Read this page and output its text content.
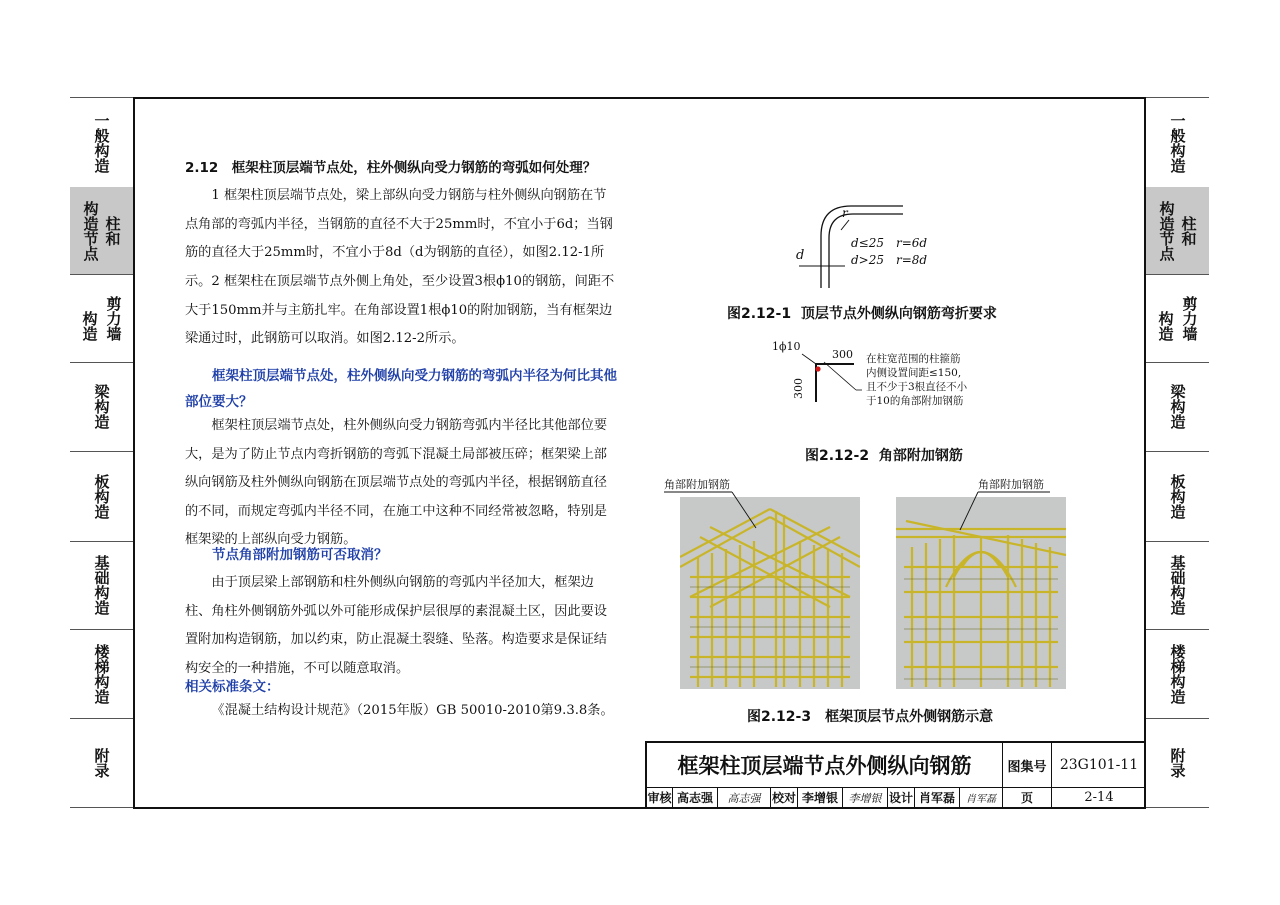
一般构造
柱和
构造节点
剪力墙
构造
梁构造
板构造
基础构造
楼梯构造
附录
一般构造
柱和
构造节点
剪力墙
构造
梁构造
板构造
基础构造
楼梯构造
附录
2.12　框架柱顶层端节点处，柱外侧纵向受力钢筋的弯弧如何处理？
1 框架柱顶层端节点处，梁上部纵向受力钢筋与柱外侧纵向钢筋在节点角部的弯弧内半径，当钢筋的直径不大于25mm时，不宜小于6d；当钢筋的直径大于25mm时，不宜小于8d（d为钢筋的直径），如图2.12-1所示。 2 框架柱在顶层端节点外侧上角处，至少设置3根ϕ10的钢筋，间距不大于150mm并与主筋扎牢。在角部设置1根ϕ10的附加钢筋，当有框架边梁通过时，此钢筋可以取消。如图2.12-2所示。
框架柱顶层端节点处，柱外侧纵向受力钢筋的弯弧内半径为何比其他部位要大？
框架柱顶层端节点处，柱外侧纵向受力钢筋弯弧内半径比其他部位要大，是为了防止节点内弯折钢筋的弯弧下混凝土局部被压碎；框架梁上部纵向钢筋及柱外侧纵向钢筋在顶层端节点处的弯弧内半径，根据钢筋直径的不同，而规定弯弧内半径不同，在施工中这种不同经常被忽略，特别是框架梁的上部纵向受力钢筋。
节点角部附加钢筋可否取消？
由于顶层梁上部钢筋和柱外侧纵向钢筋的弯弧内半径加大，框架边柱、角柱外侧钢筋外弧以外可能形成保护层很厚的素混凝土区，因此要设置附加构造钢筋，加以约束，防止混凝土裂缝、坠落。构造要求是保证结构安全的一种措施，不可以随意取消。
相关标准条文：
《混凝土结构设计规范》（2015年版）GB 50010-2010第9.3.8条。
r
d
d≤25　r=6d
d>25　r=8d
图2.12-1  顶层节点外侧纵向钢筋弯折要求
1ϕ10
300
300
在柱宽范围的柱箍筋
内侧设置间距≤150,
且不少于3根直径不小
于10的角部附加钢筋
图2.12-2  角部附加钢筋
角部附加钢筋	角部附加钢筋
图2.12-3　框架顶层节点外侧钢筋示意
框架柱顶层端节点外侧纵向钢筋	图集号 23G101-11
审核 高志强 高志强 校对 李增银 李增银 设计 肖军磊 肖军磊 页	2-14
